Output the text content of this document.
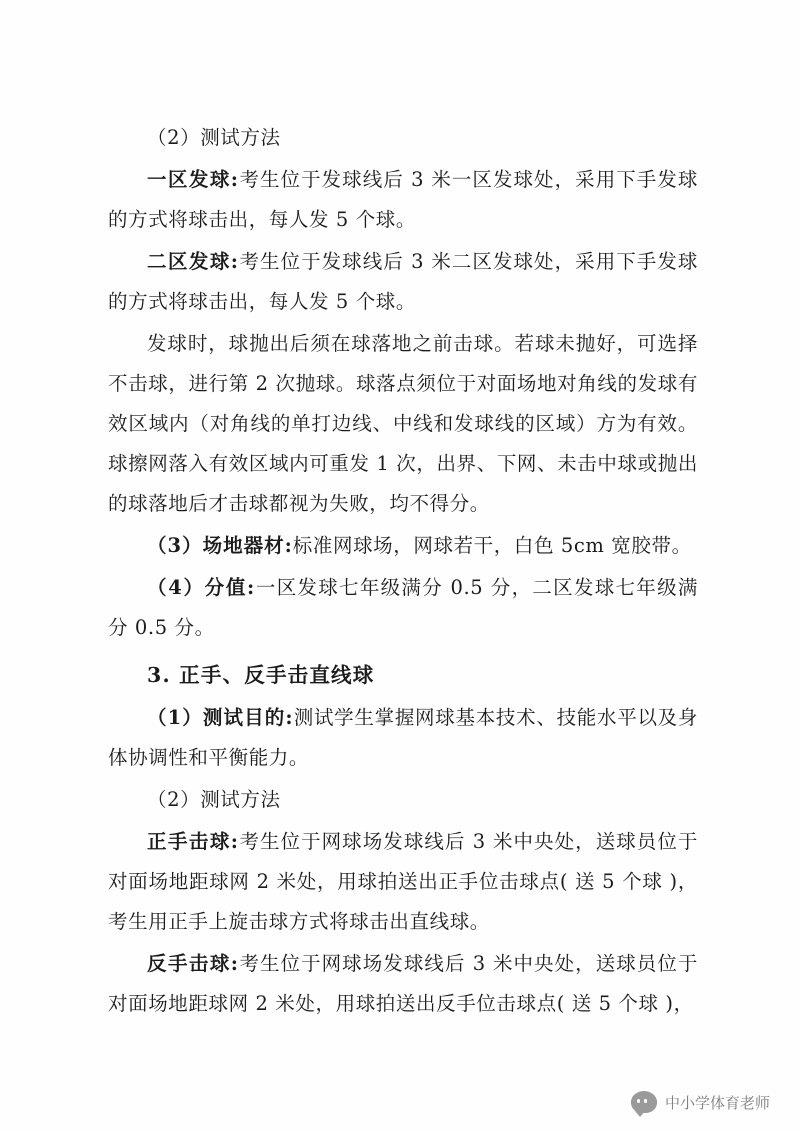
（2）测试方法

一区发球:考生位于发球线后 3 米一区发球处，采用下手发球的方式将球击出，每人发 5 个球。

二区发球:考生位于发球线后 3 米二区发球处，采用下手发球的方式将球击出，每人发 5 个球。

发球时，球抛出后须在球落地之前击球。若球未抛好，可选择不击球，进行第 2 次抛球。球落点须位于对面场地对角线的发球有效区域内（对角线的单打边线、中线和发球线的区域）方为有效。球擦网落入有效区域内可重发 1 次，出界、下网、未击中球或抛出的球落地后才击球都视为失败，均不得分。

（3）场地器材:标准网球场，网球若干，白色 5cm 宽胶带。

（4）分值:一区发球七年级满分 0.5 分，二区发球七年级满分 0.5 分。

3. 正手、反手击直线球

（1）测试目的:测试学生掌握网球基本技术、技能水平以及身体协调性和平衡能力。

（2）测试方法

正手击球:考生位于网球场发球线后 3 米中央处，送球员位于对面场地距球网 2 米处，用球拍送出正手位击球点( 送 5 个球 )，考生用正手上旋击球方式将球击出直线球。

反手击球:考生位于网球场发球线后 3 米中央处，送球员位于对面场地距球网 2 米处，用球拍送出反手位击球点( 送 5 个球 )，

中小学体育老师
